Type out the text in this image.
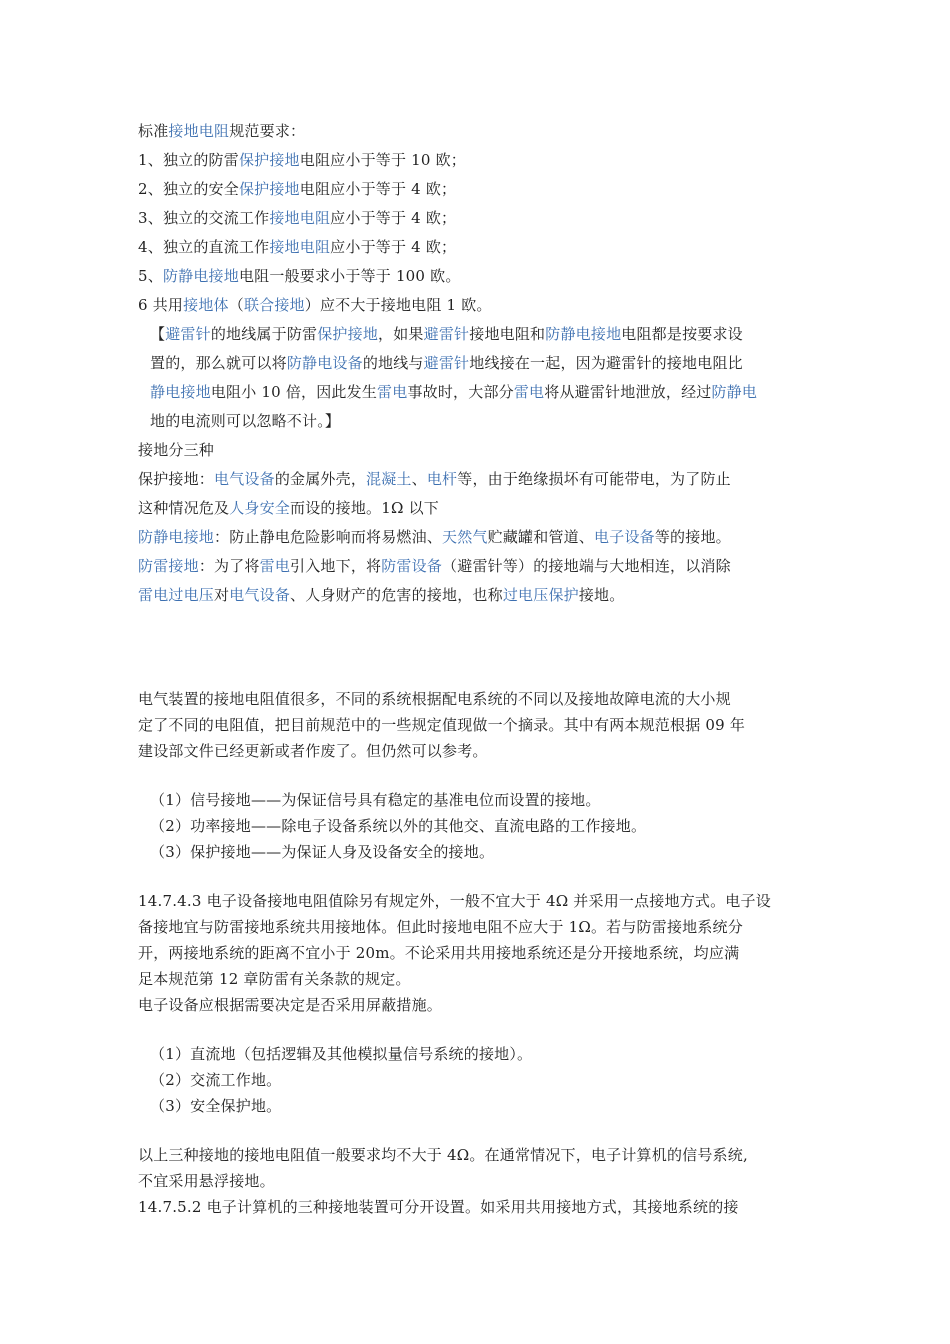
标准接地电阻规范要求：

1、独立的防雷保护接地电阻应小于等于 10 欧；

2、独立的安全保护接地电阻应小于等于 4 欧；

3、独立的交流工作接地电阻应小于等于 4 欧；

4、独立的直流工作接地电阻应小于等于 4 欧；

5、防静电接地电阻一般要求小于等于 100 欧。

6 共用接地体（联合接地）应不大于接地电阻 1 欧。

【避雷针的地线属于防雷保护接地，如果避雷针接地电阻和防静电接地电阻都是按要求设

置的，那么就可以将防静电设备的地线与避雷针地线接在一起，因为避雷针的接地电阻比

静电接地电阻小 10 倍，因此发生雷电事故时，大部分雷电将从避雷针地泄放，经过防静电

地的电流则可以忽略不计。】

接地分三种

保护接地：电气设备的金属外壳，混凝土、电杆等，由于绝缘损坏有可能带电，为了防止

这种情况危及人身安全而设的接地。1Ω 以下

防静电接地：防止静电危险影响而将易燃油、天然气贮藏罐和管道、电子设备等的接地。

防雷接地：为了将雷电引入地下，将防雷设备（避雷针等）的接地端与大地相连，以消除

雷电过电压对电气设备、人身财产的危害的接地，也称过电压保护接地。

电气装置的接地电阻值很多，不同的系统根据配电系统的不同以及接地故障电流的大小规

定了不同的电阻值，把目前规范中的一些规定值现做一个摘录。其中有两本规范根据 09 年

建设部文件已经更新或者作废了。但仍然可以参考。

（1）信号接地——为保证信号具有稳定的基准电位而设置的接地。

（2）功率接地——除电子设备系统以外的其他交、直流电路的工作接地。

（3）保护接地——为保证人身及设备安全的接地。

14.7.4.3 电子设备接地电阻值除另有规定外，一般不宜大于 4Ω 并采用一点接地方式。电子设

备接地宜与防雷接地系统共用接地体。但此时接地电阻不应大于 1Ω。若与防雷接地系统分

开，两接地系统的距离不宜小于 20m。不论采用共用接地系统还是分开接地系统，均应满

足本规范第 12 章防雷有关条款的规定。

电子设备应根据需要决定是否采用屏蔽措施。

（1）直流地（包括逻辑及其他模拟量信号系统的接地）。

（2）交流工作地。

（3）安全保护地。

以上三种接地的接地电阻值一般要求均不大于 4Ω。在通常情况下，电子计算机的信号系统,

不宜采用悬浮接地。

14.7.5.2 电子计算机的三种接地装置可分开设置。如采用共用接地方式，其接地系统的接
